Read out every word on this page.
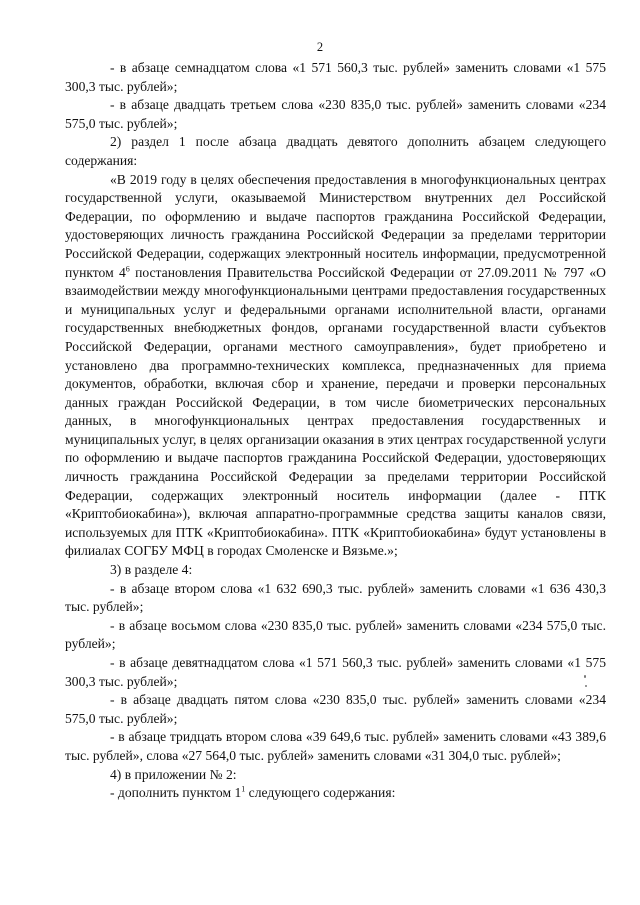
2

- в абзаце семнадцатом слова «1 571 560,3 тыс. рублей» заменить словами «1 575 300,3 тыс. рублей»;

- в абзаце двадцать третьем слова «230 835,0 тыс. рублей» заменить словами «234 575,0 тыс. рублей»;

2) раздел 1 после абзаца двадцать девятого дополнить абзацем следующего содержания:

«В 2019 году в целях обеспечения предоставления в многофункциональных центрах государственной услуги, оказываемой Министерством внутренних дел Российской Федерации, по оформлению и выдаче паспортов гражданина Российской Федерации, удостоверяющих личность гражданина Российской Федерации за пределами территории Российской Федерации, содержащих электронный носитель информации, предусмотренной пунктом $4^6$ постановления Правительства Российской Федерации от 27.09.2011 № 797 «О взаимодействии между многофункциональными центрами предоставления государственных и муниципальных услуг и федеральными органами исполнительной власти, органами государственных внебюджетных фондов, органами государственной власти субъектов Российской Федерации, органами местного самоуправления», будет приобретено и установлено два программно-технических комплекса, предназначенных для приема документов, обработки, включая сбор и хранение, передачи и проверки персональных данных граждан Российской Федерации, в том числе биометрических персональных данных, в многофункциональных центрах предоставления государственных и муниципальных услуг, в целях организации оказания в этих центрах государственной услуги по оформлению и выдаче паспортов гражданина Российской Федерации, удостоверяющих личность гражданина Российской Федерации за пределами территории Российской Федерации, содержащих электронный носитель информации (далее - ПТК «Криптобиокабина»), включая аппаратно-программные средства защиты каналов связи, используемых для ПТК «Криптобиокабина». ПТК «Криптобиокабина» будут установлены в филиалах СОГБУ МФЦ в городах Смоленске и Вязьме.»;

3) в разделе 4:

- в абзаце втором слова «1 632 690,3 тыс. рублей» заменить словами «1 636 430,3 тыс. рублей»;

- в абзаце восьмом слова «230 835,0 тыс. рублей» заменить словами «234 575,0 тыс. рублей»;

- в абзаце девятнадцатом слова «1 571 560,3 тыс. рублей» заменить словами «1 575 300,3 тыс. рублей»;

- в абзаце двадцать пятом слова «230 835,0 тыс. рублей» заменить словами «234 575,0 тыс. рублей»;

- в абзаце тридцать втором слова «39 649,6 тыс. рублей» заменить словами «43 389,6 тыс. рублей», слова «27 564,0 тыс. рублей» заменить словами «31 304,0 тыс. рублей»;

4) в приложении № 2:

- дополнить пунктом $1^1$ следующего содержания:
